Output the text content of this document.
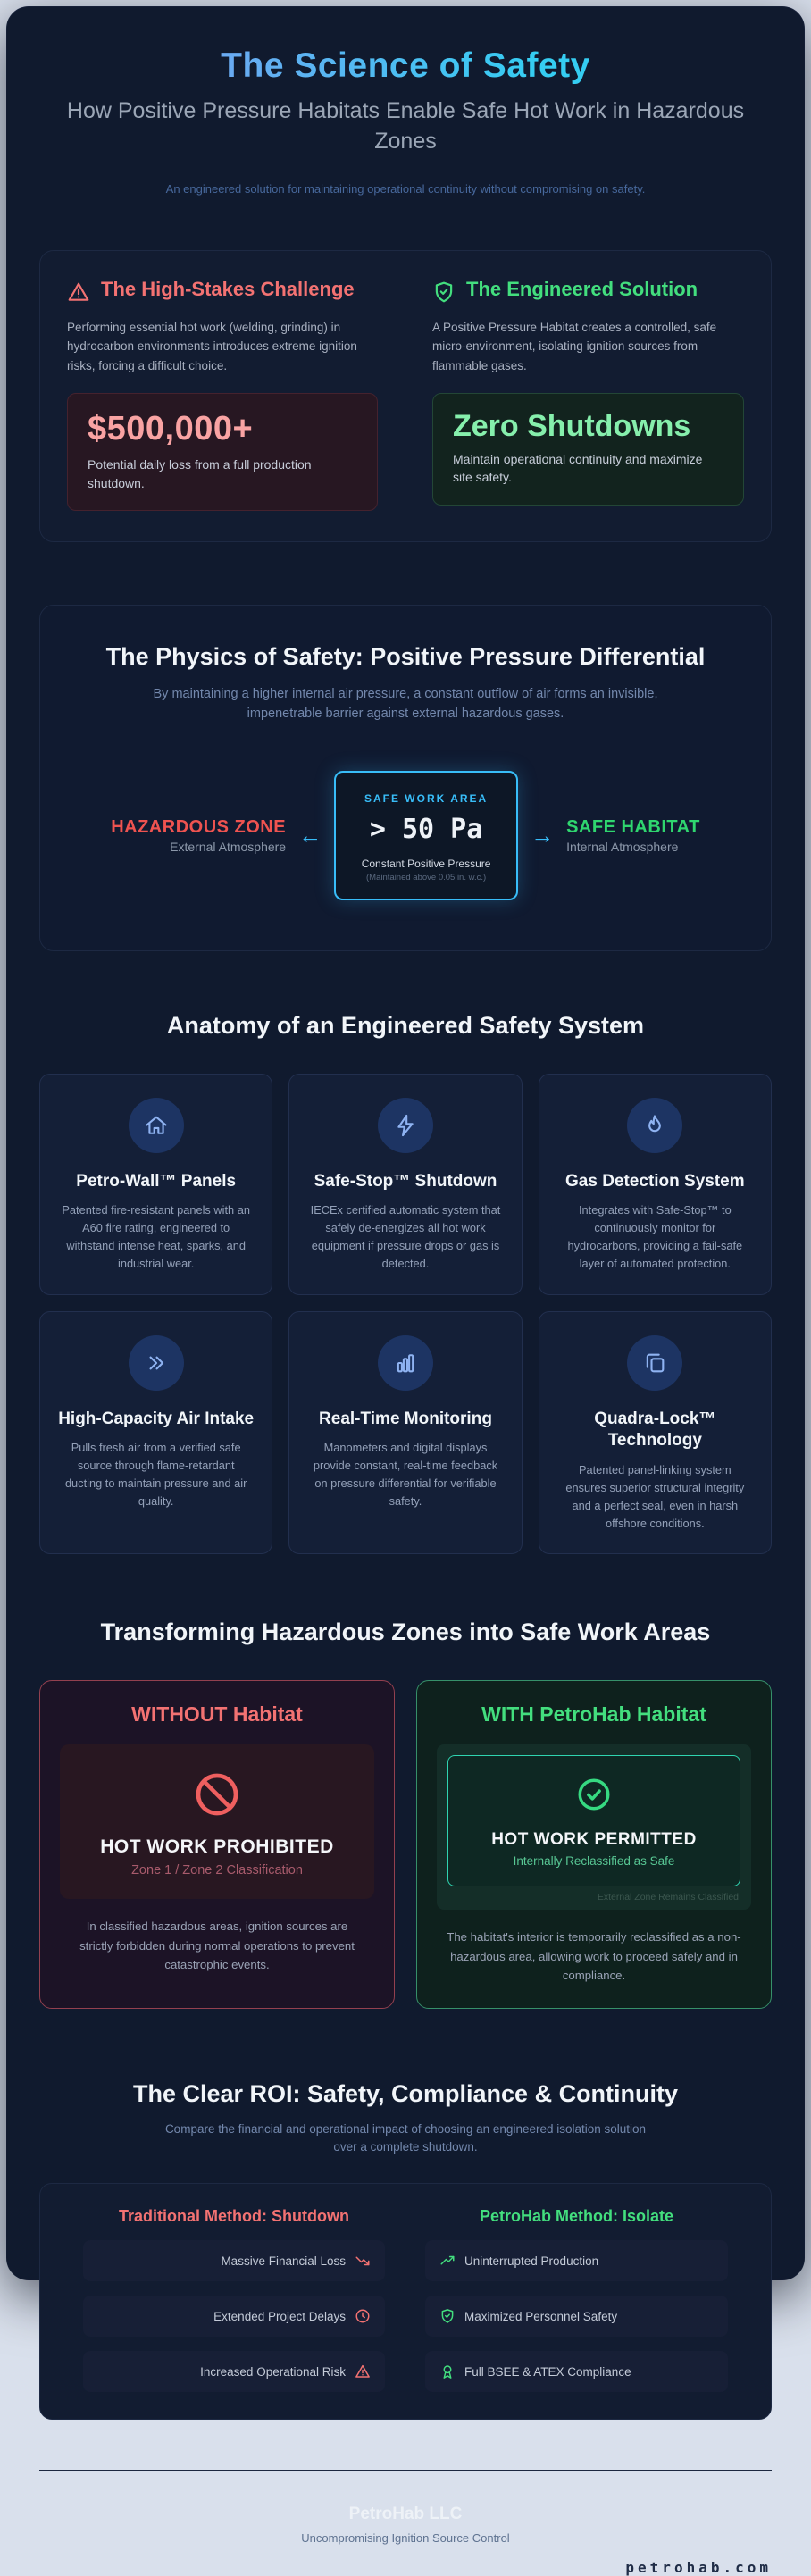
The Science of Safety
How Positive Pressure Habitats Enable Safe Hot Work in Hazardous Zones
An engineered solution for maintaining operational continuity without compromising on safety.
The High-Stakes Challenge
Performing essential hot work (welding, grinding) in hydrocarbon environments introduces extreme ignition risks, forcing a difficult choice.
$500,000+
Potential daily loss from a full production shutdown.
The Engineered Solution
A Positive Pressure Habitat creates a controlled, safe micro-environment, isolating ignition sources from flammable gases.
Zero Shutdowns
Maintain operational continuity and maximize site safety.
The Physics of Safety: Positive Pressure Differential
By maintaining a higher internal air pressure, a constant outflow of air forms an invisible, impenetrable barrier against external hazardous gases.
HAZARDOUS ZONE
External Atmosphere ←
SAFE WORK AREA
> 50 Pa
Constant Positive Pressure
(Maintained above 0.05 in. w.c.)
→ SAFE HABITAT
Internal Atmosphere
Anatomy of an Engineered Safety System
Petro-Wall™ Panels
Patented fire-resistant panels with an A60 fire rating, engineered to withstand intense heat, sparks, and industrial wear.
Safe-Stop™ Shutdown
IECEx certified automatic system that safely de-energizes all hot work equipment if pressure drops or gas is detected.
Gas Detection System
Integrates with Safe-Stop™ to continuously monitor for hydrocarbons, providing a fail-safe layer of automated protection.
High-Capacity Air Intake
Pulls fresh air from a verified safe source through flame-retardant ducting to maintain pressure and air quality.
Real-Time Monitoring
Manometers and digital displays provide constant, real-time feedback on pressure differential for verifiable safety.
Quadra-Lock™ Technology
Patented panel-linking system ensures superior structural integrity and a perfect seal, even in harsh offshore conditions.
Transforming Hazardous Zones into Safe Work Areas
WITHOUT Habitat
HOT WORK PROHIBITED
Zone 1 / Zone 2 Classification
In classified hazardous areas, ignition sources are strictly forbidden during normal operations to prevent catastrophic events.
WITH PetroHab Habitat
HOT WORK PERMITTED
Internally Reclassified as Safe
External Zone Remains Classified
The habitat's interior is temporarily reclassified as a non-hazardous area, allowing work to proceed safely and in compliance.
The Clear ROI: Safety, Compliance & Continuity
Compare the financial and operational impact of choosing an engineered isolation solution over a complete shutdown.
Traditional Method: Shutdown
Massive Financial Loss
Extended Project Delays
Increased Operational Risk
PetroHab Method: Isolate
Uninterrupted Production
Maximized Personnel Safety
Full BSEE & ATEX Compliance
PetroHab LLC
Uncompromising Ignition Source Control
petrohab.com
